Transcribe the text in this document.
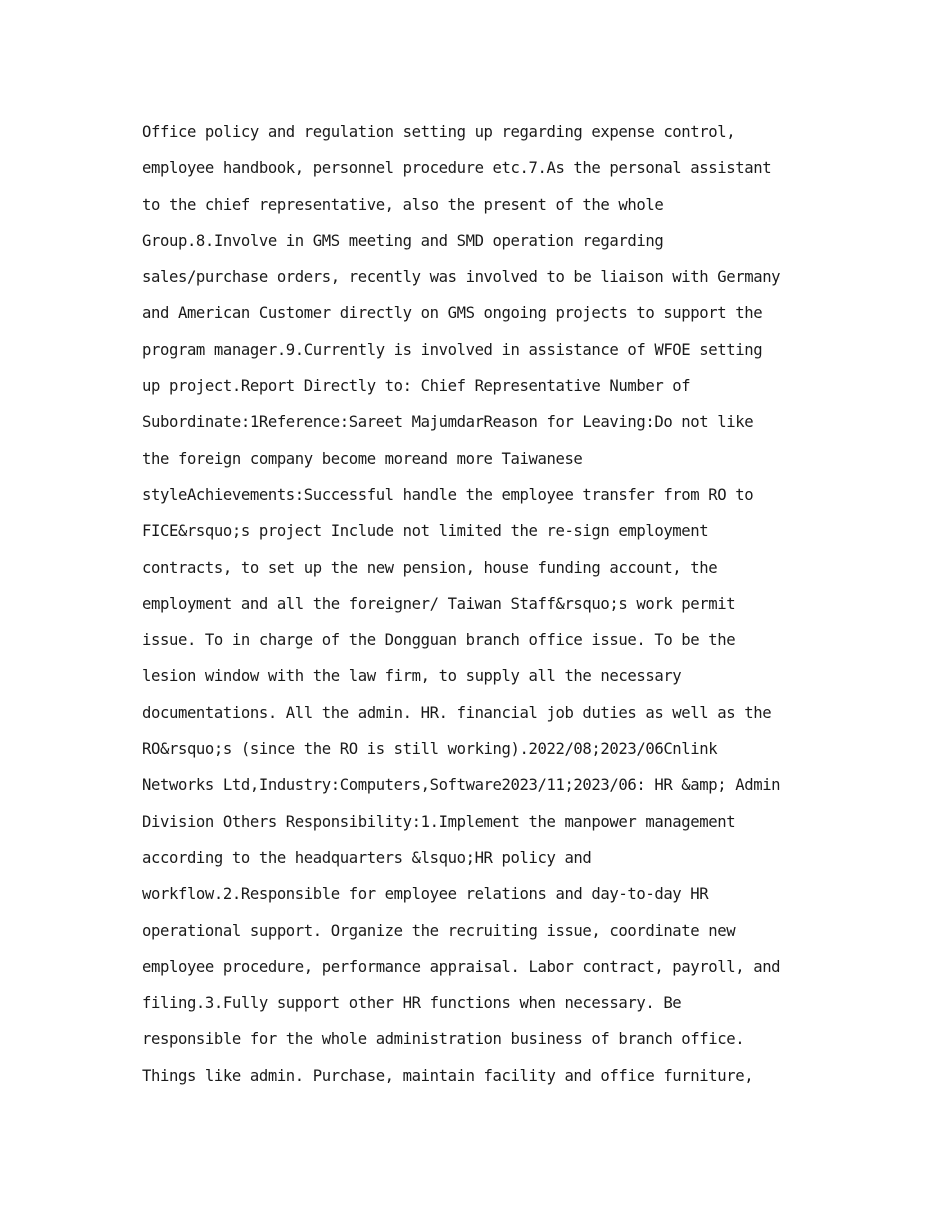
Office policy and regulation setting up regarding expense control,
employee handbook, personnel procedure etc.7.As the personal assistant
to the chief representative, also the present of the whole
Group.8.Involve in GMS meeting and SMD operation regarding
sales/purchase orders, recently was involved to be liaison with Germany
and American Customer directly on GMS ongoing projects to support the
program manager.9.Currently is involved in assistance of WFOE setting
up project.Report Directly to: Chief Representative Number of
Subordinate:1Reference:Sareet MajumdarReason for Leaving:Do not like
the foreign company become moreand more Taiwanese
styleAchievements:Successful handle the employee transfer from RO to
FICE&rsquo;s project Include not limited the re-sign employment
contracts, to set up the new pension, house funding account, the
employment and all the foreigner/ Taiwan Staff&rsquo;s work permit
issue. To in charge of the Dongguan branch office issue. To be the
lesion window with the law firm, to supply all the necessary
documentations. All the admin. HR. financial job duties as well as the
RO&rsquo;s (since the RO is still working).2022/08;2023/06Cnlink
Networks Ltd,Industry:Computers,Software2023/11;2023/06: HR &amp; Admin
Division Others Responsibility:1.Implement the manpower management
according to the headquarters &lsquo;HR policy and
workflow.2.Responsible for employee relations and day-to-day HR
operational support. Organize the recruiting issue, coordinate new
employee procedure, performance appraisal. Labor contract, payroll, and
filing.3.Fully support other HR functions when necessary. Be
responsible for the whole administration business of branch office.
Things like admin. Purchase, maintain facility and office furniture,
